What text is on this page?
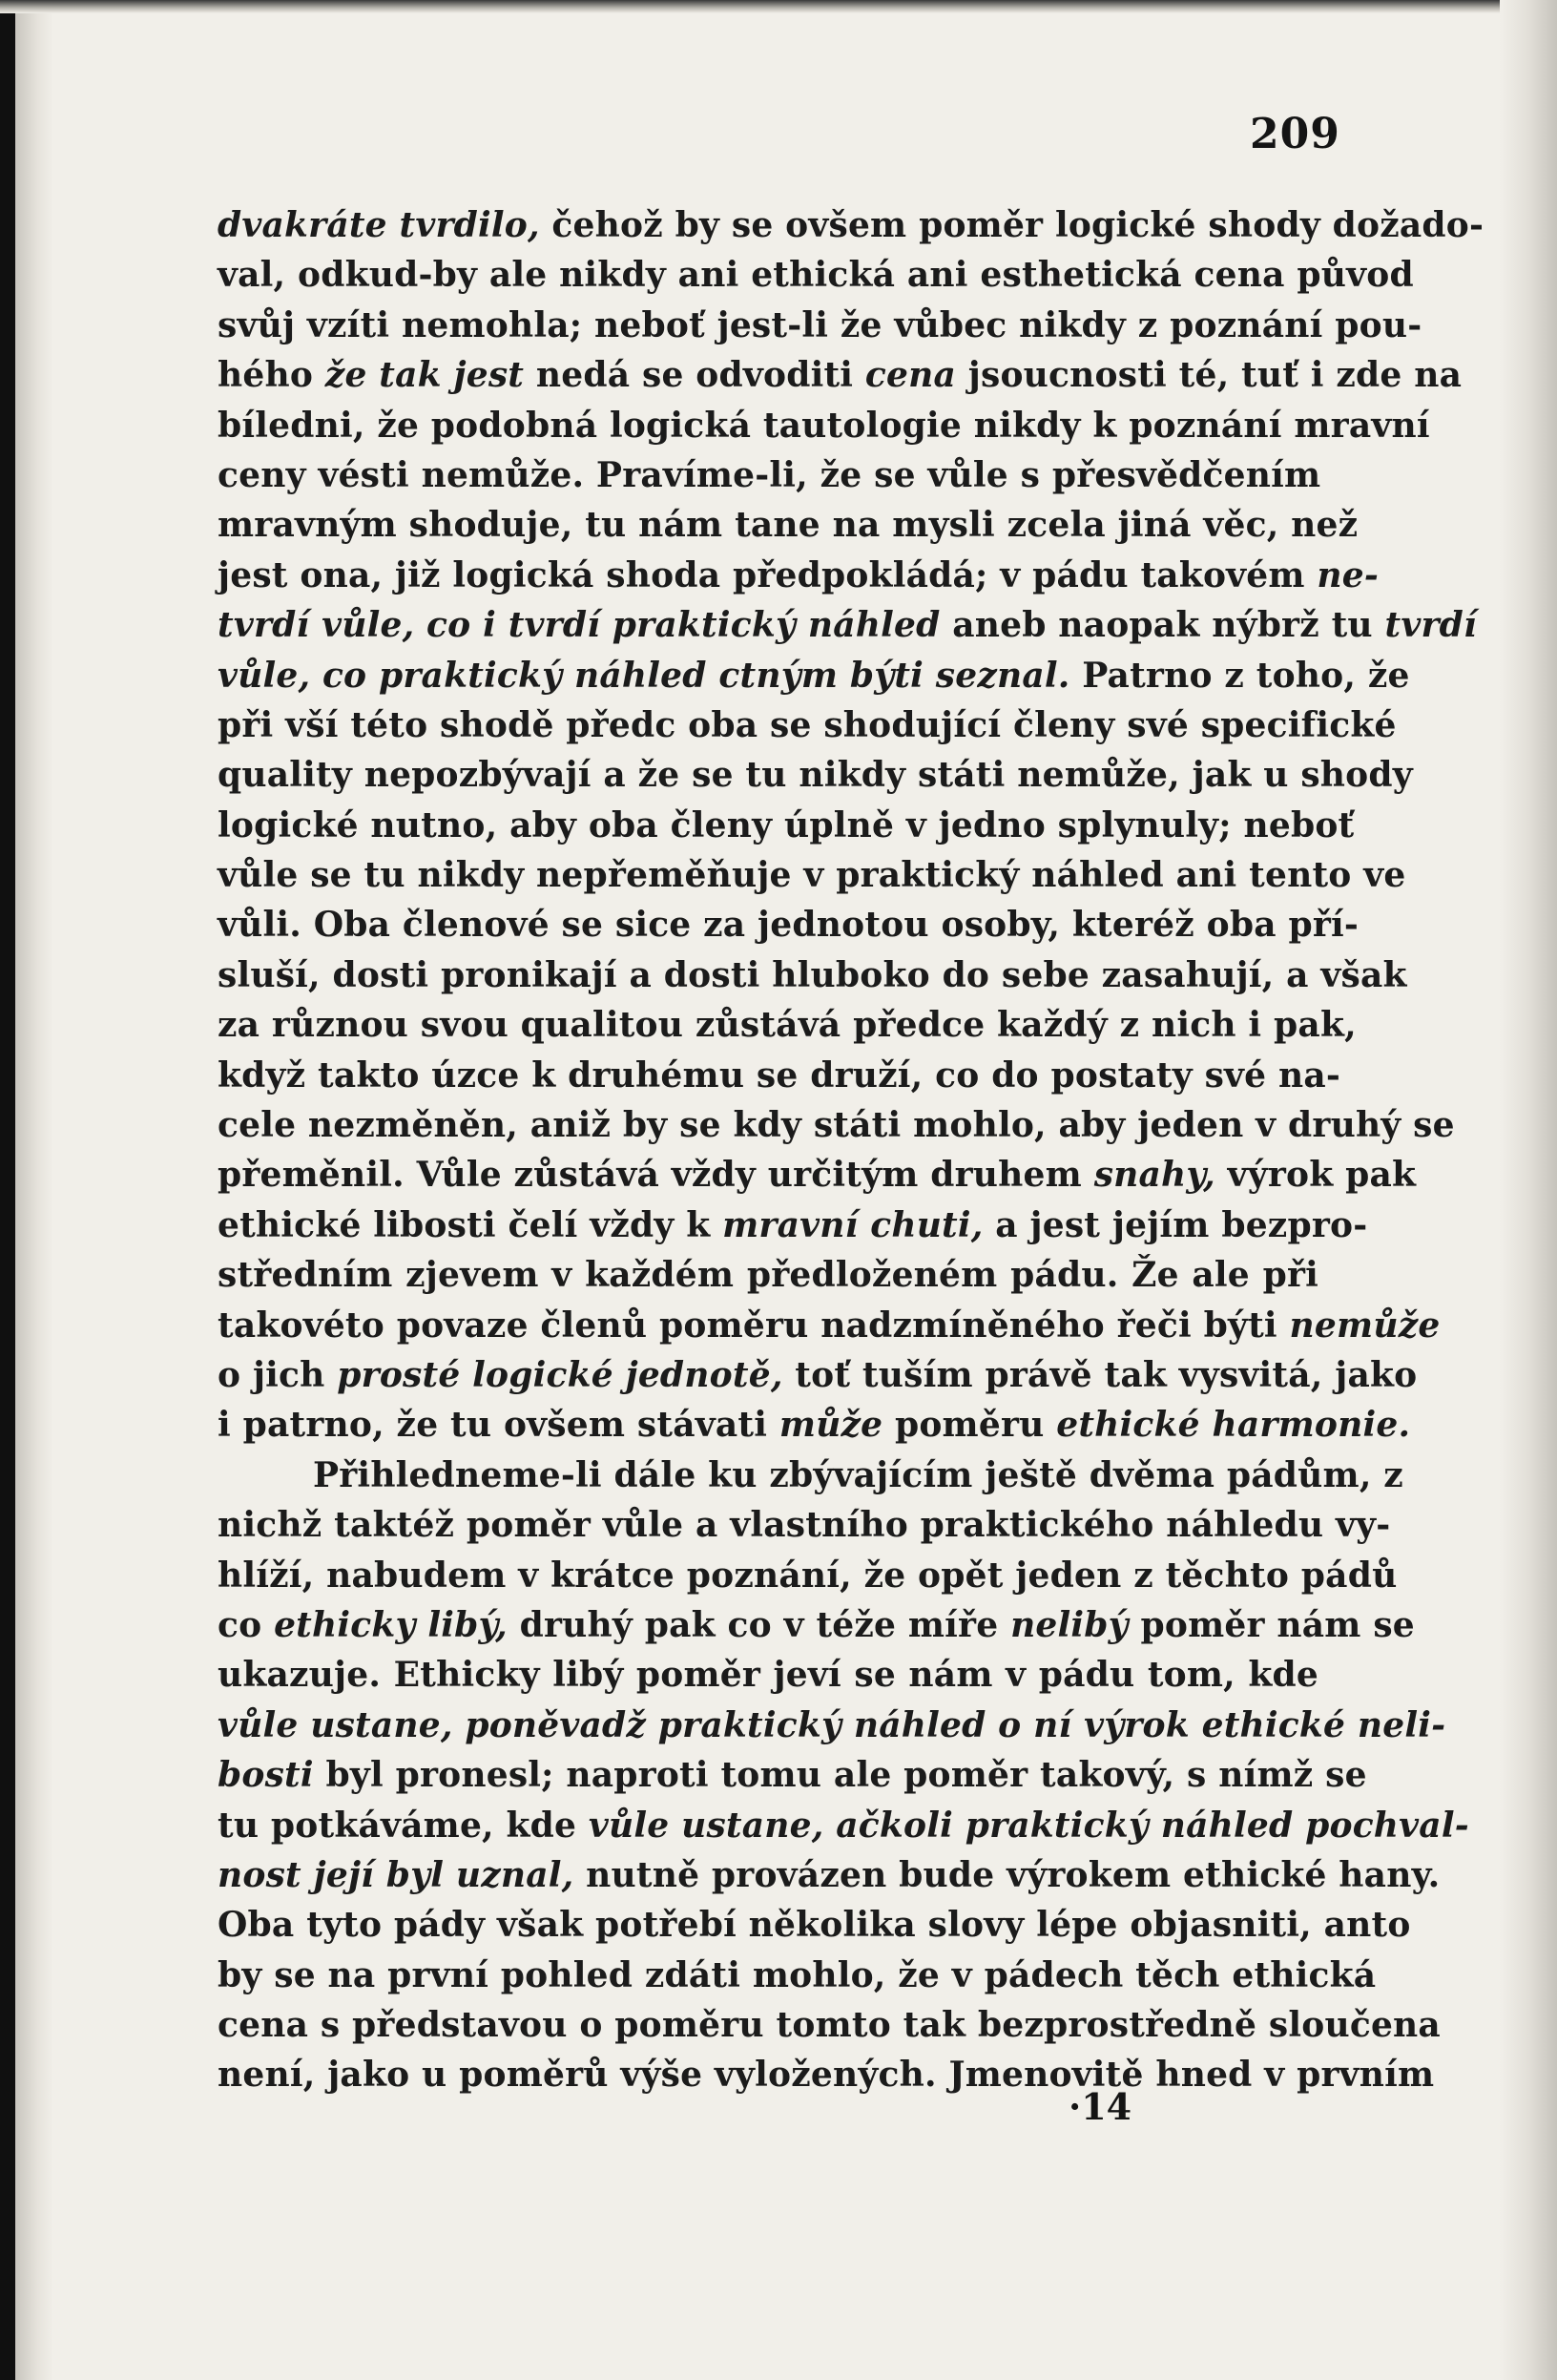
209
dvakráte tvrdilo, čehož by se ovšem poměr logické shody dožado-
val, odkud-by ale nikdy ani ethická ani esthetická cena původ
svůj vzíti nemohla; neboť jest-li že vůbec nikdy z poznání pou-
hého že tak jest nedá se odvoditi cena jsoucnosti té, tuť i zde na
bíledni, že podobná logická tautologie nikdy k poznání mravní
ceny vésti nemůže. Pravíme-li, že se vůle s přesvědčením
mravným shoduje, tu nám tane na mysli zcela jiná věc, než
jest ona, již logická shoda předpokládá; v pádu takovém ne-
tvrdí vůle, co i tvrdí praktický náhled aneb naopak nýbrž tu tvrdí
vůle, co praktický náhled ctným býti seznal. Patrno z toho, že
při vší této shodě předc oba se shodující členy své specifické
quality nepozbývají a že se tu nikdy státi nemůže, jak u shody
logické nutno, aby oba členy úplně v jedno splynuly; neboť
vůle se tu nikdy nepřeměňuje v praktický náhled ani tento ve
vůli. Oba členové se sice za jednotou osoby, kteréž oba pří-
sluší, dosti pronikají a dosti hluboko do sebe zasahují, a však
za různou svou qualitou zůstává předce každý z nich i pak,
když takto úzce k druhému se druží, co do postaty své na-
cele nezměněn, aniž by se kdy státi mohlo, aby jeden v druhý se
přeměnil. Vůle zůstává vždy určitým druhem snahy, výrok pak
ethické libosti čelí vždy k mravní chuti, a jest jejím bezpro-
středním zjevem v každém předloženém pádu. Že ale při
takovéto povaze členů poměru nadzmíněného řeči býti nemůže
o jich prosté logické jednotě, toť tuším právě tak vysvitá, jako
i patrno, že tu ovšem stávati může poměru ethické harmonie.
Přihledneme-li dále ku zbývajícím ještě dvěma pádům, z
nichž taktéž poměr vůle a vlastního praktického náhledu vy-
hlíží, nabudem v krátce poznání, že opět jeden z těchto pádů
co ethicky libý, druhý pak co v téže míře nelibý poměr nám se
ukazuje. Ethicky libý poměr jeví se nám v pádu tom, kde
vůle ustane, poněvadž praktický náhled o ní výrok ethické neli-
bosti byl pronesl; naproti tomu ale poměr takový, s nímž se
tu potkáváme, kde vůle ustane, ačkoli praktický náhled pochval-
nost její byl uznal, nutně provázen bude výrokem ethické hany.
Oba tyto pády však potřebí několika slovy lépe objasniti, anto
by se na první pohled zdáti mohlo, že v pádech těch ethická
cena s představou o poměru tomto tak bezprostředně sloučena
není, jako u poměrů výše vyložených. Jmenovitě hned v prvním
·14
